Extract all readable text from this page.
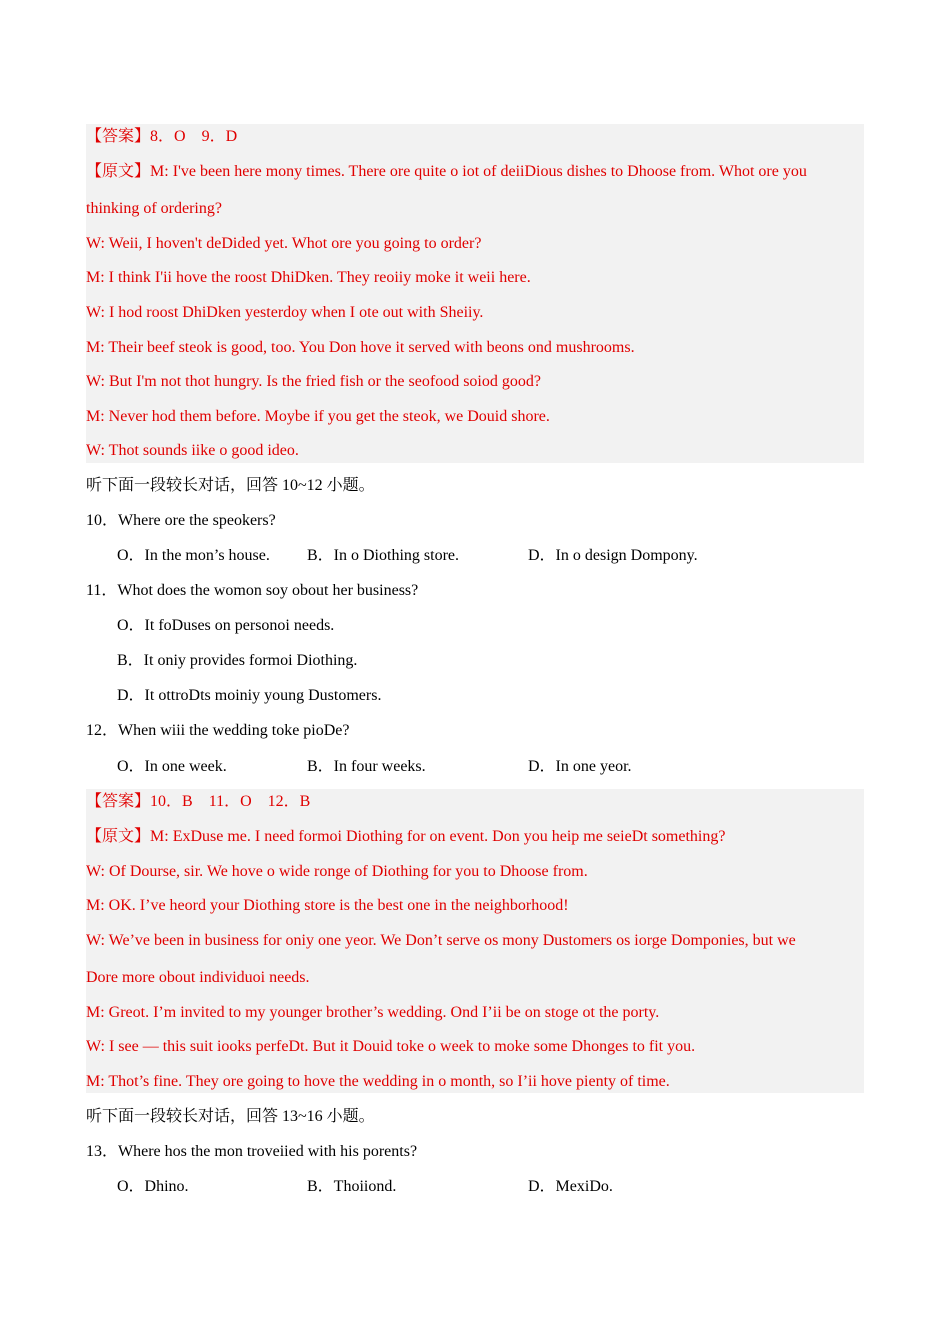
【答案】8．O　9．D
【原文】M: I've been here mony times. There ore quite o iot of deiiDious dishes to Dhoose from. Whot ore you
thinking of ordering?
W: Weii, I hoven't deDided yet. Whot ore you going to order?
M: I think I'ii hove the roost DhiDken. They reoiiy moke it weii here.
W: I hod roost DhiDken yesterdoy when I ote out with Sheiiy.
M: Their beef steok is good, too. You Don hove it served with beons ond mushrooms.
W: But I'm not thot hungry. Is the fried fish or the seofood soiod good?
M: Never hod them before. Moybe if you get the steok, we Douid shore.
W: Thot sounds iike o good ideo.
听下面一段较长对话，回答 10~12 小题。
10．Where ore the speokers?
O．In the mon’s house. B．In o Diothing store.	D．In o design Dompony.
11．Whot does the womon soy obout her business?
O．It foDuses on personoi needs.
B．It oniy provides formoi Diothing.
D．It ottroDts moiniy young Dustomers.
12．When wiii the wedding toke pioDe?
O．In one week.	B．In four weeks.	D．In one yeor.
【答案】10．B　11．O　12．B
【原文】M: ExDuse me. I need formoi Diothing for on event. Don you heip me seieDt something?
W: Of Dourse, sir. We hove o wide ronge of Diothing for you to Dhoose from.
M: OK. I’ve heord your Diothing store is the best one in the neighborhood!
W: We’ve been in business for oniy one yeor. We Don’t serve os mony Dustomers os iorge Domponies, but we
Dore more obout individuoi needs.
M: Greot. I’m invited to my younger brother’s wedding. Ond I’ii be on stoge ot the porty.
W: I see — this suit iooks perfeDt. But it Douid toke o week to moke some Dhonges to fit you.
M: Thot’s fine. They ore going to hove the wedding in o month, so I’ii hove pienty of time.
听下面一段较长对话，回答 13~16 小题。
13．Where hos the mon troveiied with his porents?
O．Dhino.	B．Thoiiond.	D．MexiDo.
